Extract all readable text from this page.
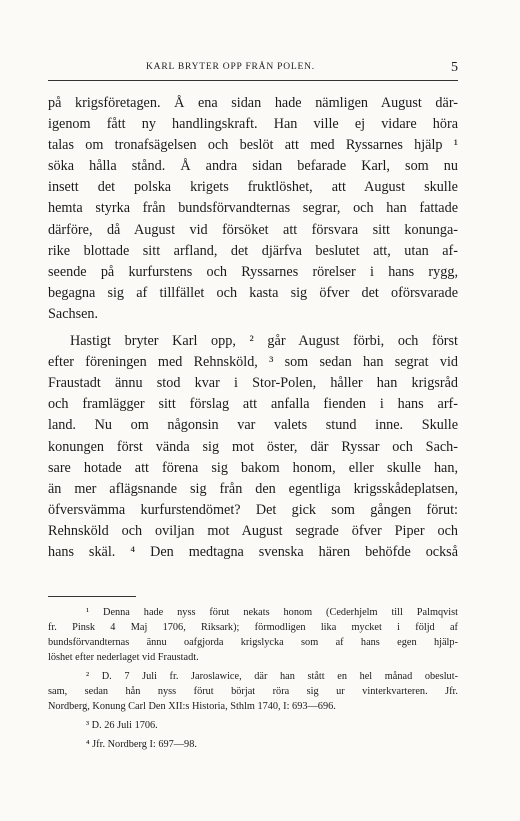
KARL BRYTER OPP FRÅN POLEN.	5
på krigsföretagen. Å ena sidan hade nämligen August där-
igenom fått ny handlingskraft. Han ville ej vidare höra
talas om tronafsägelsen och beslöt att med Ryssarnes hjälp ¹
söka hålla stånd. Å andra sidan befarade Karl, som nu
insett det polska krigets fruktlöshet, att August skulle
hemta styrka från bundsförvandternas segrar, och han fattade
därföre, då August vid försöket att försvara sitt konunga-
rike blottade sitt arfland, det djärfva beslutet att, utan af-
seende på kurfurstens och Ryssarnes rörelser i hans rygg,
begagna sig af tillfället och kasta sig öfver det oförsvarade
Sachsen.
Hastigt bryter Karl opp, ² går August förbi, och först
efter föreningen med Rehnsköld, ³ som sedan han segrat vid
Fraustadt ännu stod kvar i Stor-Polen, håller han krigsråd
och framlägger sitt förslag att anfalla fienden i hans arf-
land. Nu om någonsin var valets stund inne. Skulle
konungen först vända sig mot öster, där Ryssar och Sach-
sare hotade att förena sig bakom honom, eller skulle han,
än mer aflägsnande sig från den egentliga krigsskådeplatsen,
öfversvämma kurfurstendömet? Det gick som gången förut:
Rehnsköld och oviljan mot August segrade öfver Piper och
hans skäl. ⁴ Den medtagna svenska hären behöfde också
¹ Denna hade nyss förut nekats honom (Cederhjelm till Palmqvist
fr. Pinsk 4 Maj 1706, Riksark); förmodligen lika mycket i följd af
bundsförvandternas ännu oafgjorda krigslycka som af hans egen hjälp-
löshet efter nederlaget vid Fraustadt.
² D. 7 Juli fr. Jaroslawice, där han stått en hel månad obeslut-
sam, sedan hån nyss förut börjat röra sig ur vinterkvarteren. Jfr.
Nordberg, Konung Carl Den XII:s Historia, Sthlm 1740, I: 693—696.
³ D. 26 Juli 1706.
⁴ Jfr. Nordberg I: 697—98.
